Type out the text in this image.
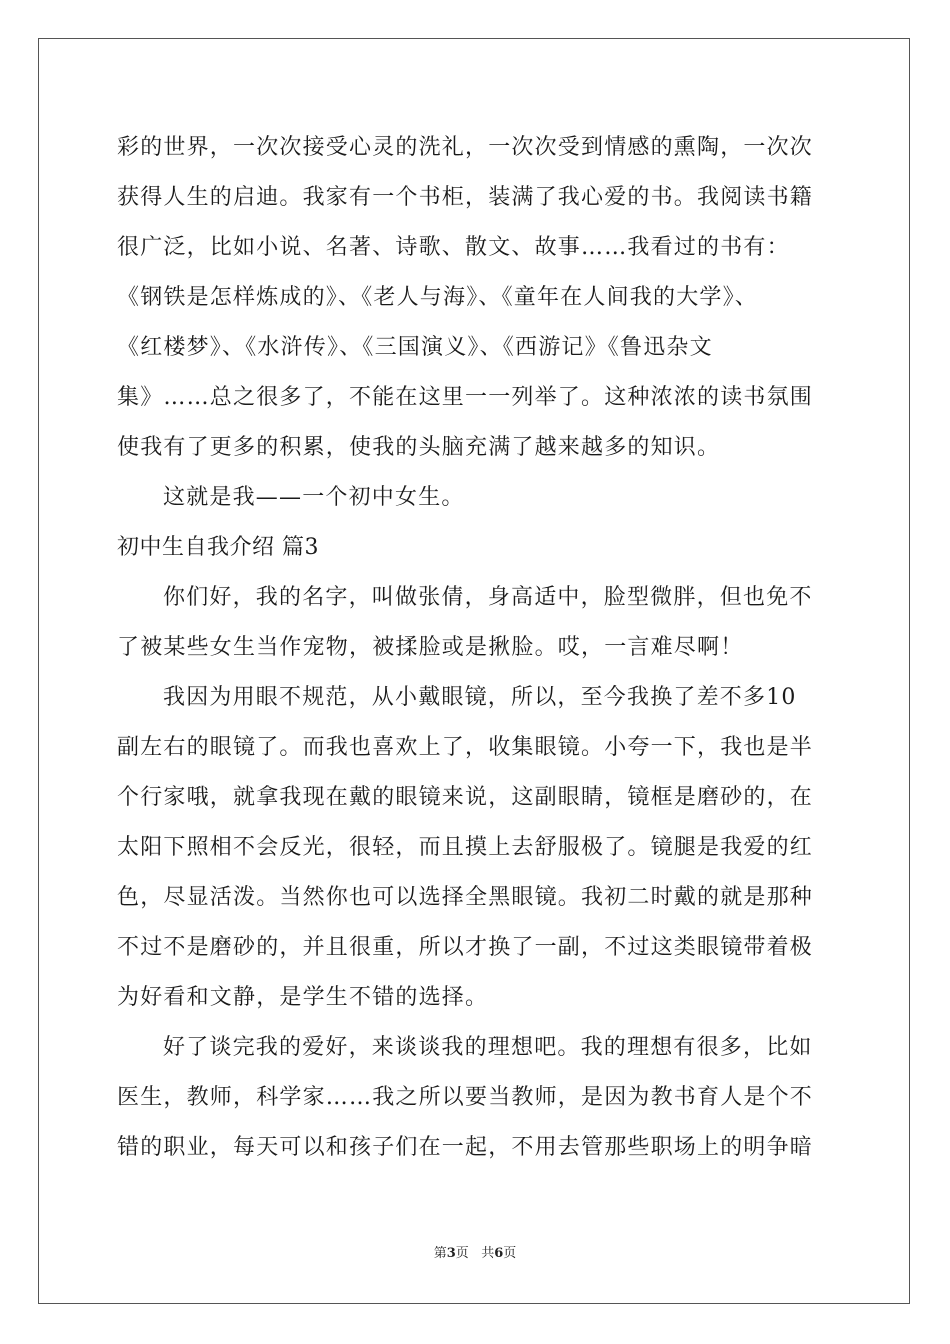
彩的世界，一次次接受心灵的洗礼，一次次受到情感的熏陶，一次次
获得人生的启迪。我家有一个书柜，装满了我心爱的书。我阅读书籍
很广泛，比如小说、名著、诗歌、散文、故事……我看过的书有：
《钢铁是怎样炼成的》、《老人与海》、《童年在人间我的大学》、
《红楼梦》、《水浒传》、《三国演义》、《西游记》《鲁迅杂文
集》……总之很多了，不能在这里一一列举了。这种浓浓的读书氛围
使我有了更多的积累，使我的头脑充满了越来越多的知识。
这就是我——一个初中女生。
初中生自我介绍 篇3
你们好，我的名字，叫做张倩，身高适中，脸型微胖，但也免不
了被某些女生当作宠物，被揉脸或是揪脸。哎，一言难尽啊！
我因为用眼不规范，从小戴眼镜，所以，至今我换了差不多10
副左右的眼镜了。而我也喜欢上了，收集眼镜。小夸一下，我也是半
个行家哦，就拿我现在戴的眼镜来说，这副眼睛，镜框是磨砂的，在
太阳下照相不会反光，很轻，而且摸上去舒服极了。镜腿是我爱的红
色，尽显活泼。当然你也可以选择全黑眼镜。我初二时戴的就是那种
不过不是磨砂的，并且很重，所以才换了一副，不过这类眼镜带着极
为好看和文静，是学生不错的选择。
好了谈完我的爱好，来谈谈我的理想吧。我的理想有很多，比如
医生，教师，科学家……我之所以要当教师，是因为教书育人是个不
错的职业，每天可以和孩子们在一起，不用去管那些职场上的明争暗
第3页 共6页
